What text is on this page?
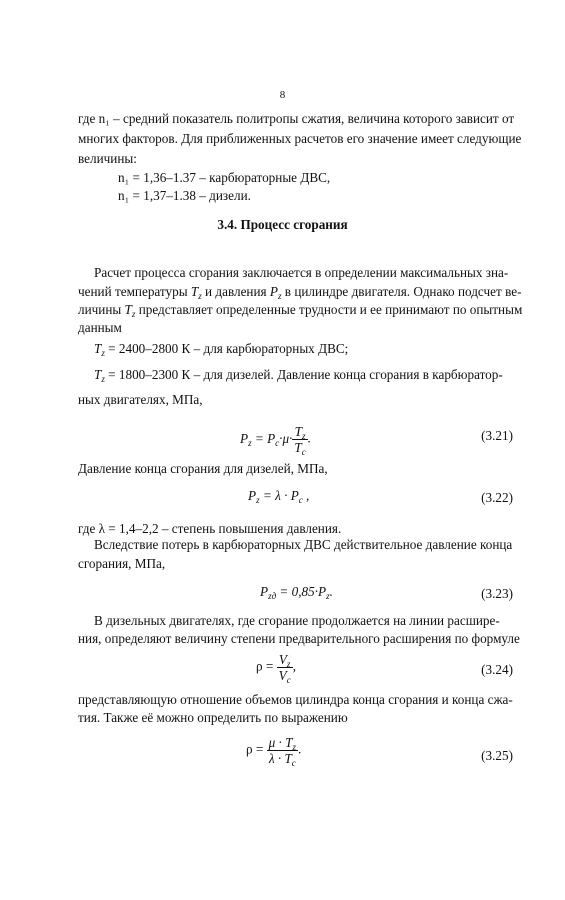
8
где n₁ – средний показатель политропы сжатия, величина которого зависит от
многих факторов. Для приближенных расчетов его значение имеет следующие
величины:
n₁ = 1,36–1.37 – карбюраторные ДВС,
n₁ = 1,37–1.38 – дизели.
3.4. Процесс сгорания
Расчет процесса сгорания заключается в определении максимальных зна-
чений температуры $T_z$ и давления $P_z$ в цилиндре двигателя. Однако подсчет ве-
личины $T_z$ представляет определенные трудности и ее принимают по опытным
данным
$T_z = 2400-2800$ К – для карбюраторных ДВС;
$T_z = 1800-2300$ К – для дизелей. Давление конца сгорания в карбюратор-
ных двигателях, МПа,
$P_z = P_c\cdot\mu\cdot \frac{T_z}{T_c}$ .	(3.21)
Давление конца сгорания для дизелей, МПа,
$P_z = \lambda \cdot P_c$ ,	(3.22)
где λ = 1,4–2,2 – степень повышения давления.
Вследствие потерь в карбюраторных ДВС действительное давление конца
сгорания, МПа,
$P_{zд} = 0,85\cdot P_z$.	(3.23)
В дизельных двигателях, где сгорание продолжается на линии расшире-
ния, определяют величину степени предварительного расширения по формуле
$\rho = \frac{V_z}{V_c}$ ,	(3.24)
представляющую отношение объемов цилиндра конца сгорания и конца сжа-
тия. Также её можно определить по выражению
$\rho = \frac{\mu \cdot T_z}{\lambda \cdot T_c}$ .	(3.25)
